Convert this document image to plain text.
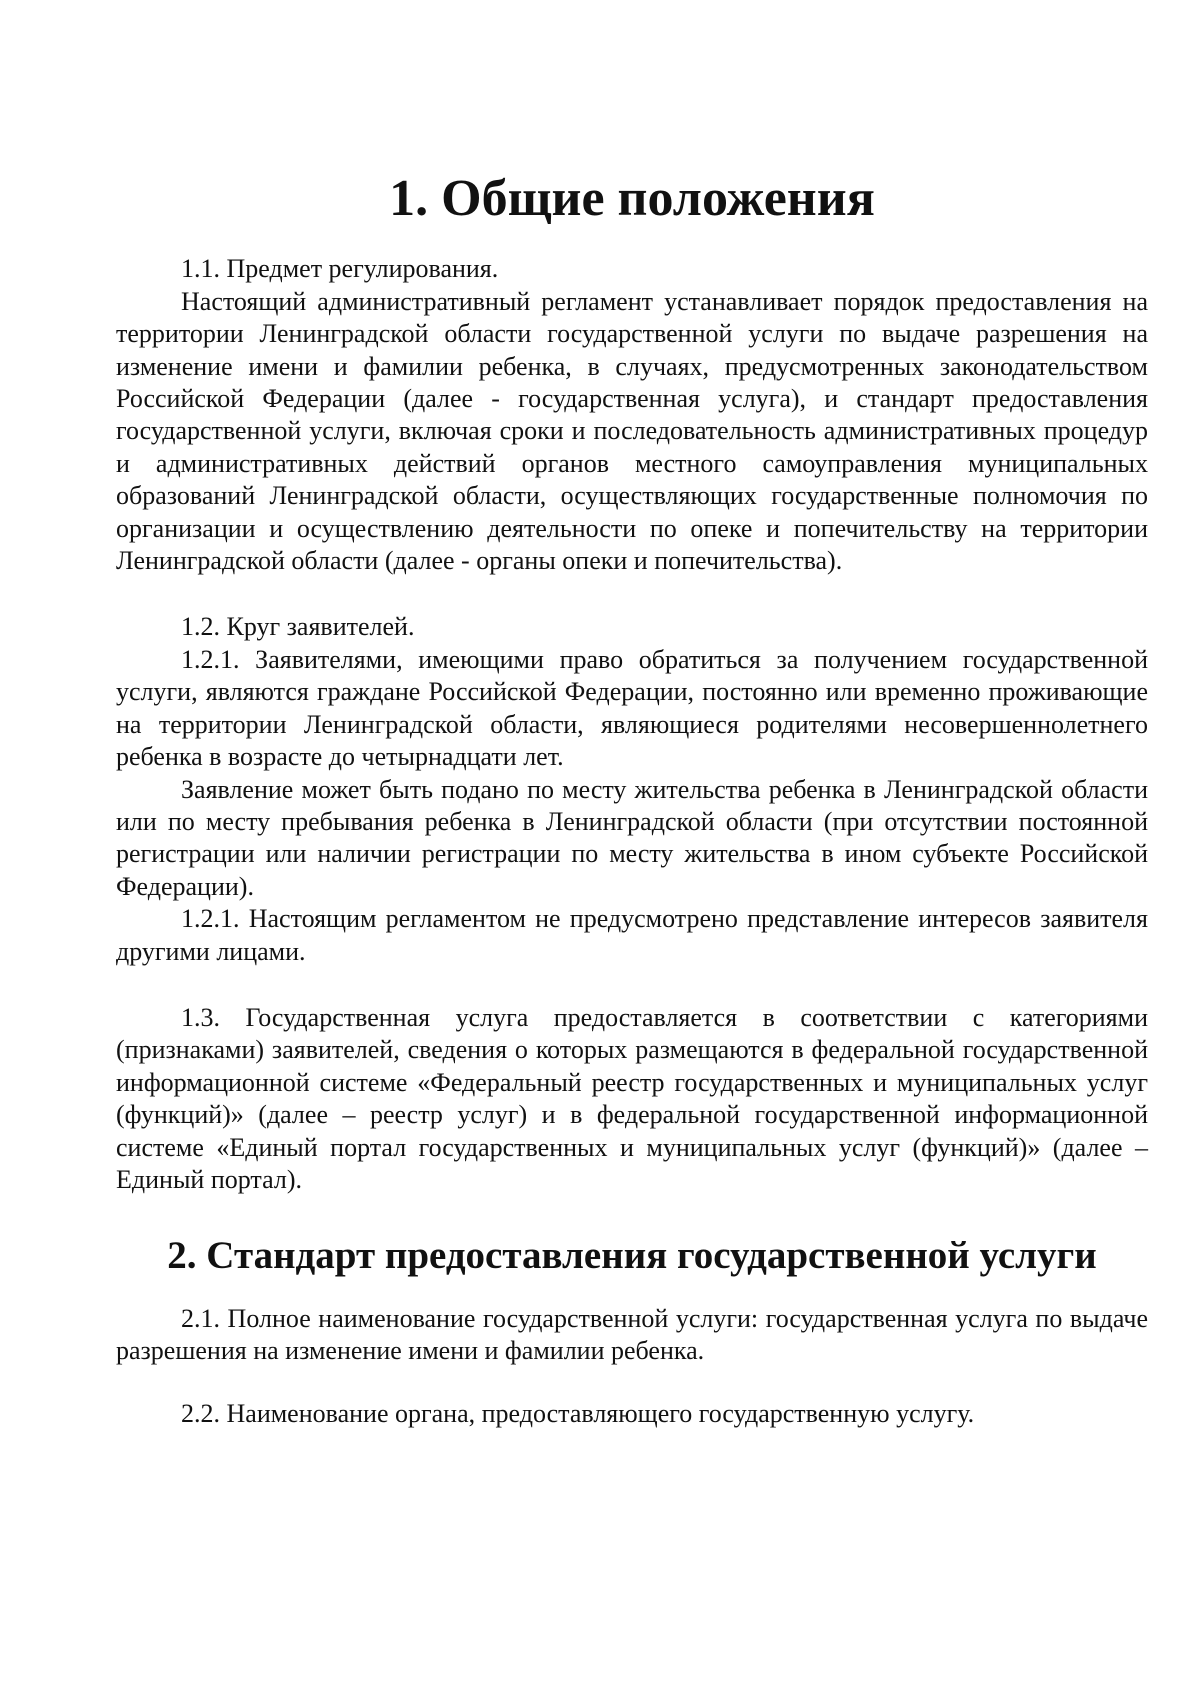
1. Общие положения

1.1. Предмет регулирования.

Настоящий административный регламент устанавливает порядок предоставления на территории Ленинградской области государственной услуги по выдаче разрешения на изменение имени и фамилии ребенка, в случаях, предусмотренных законодательством Российской Федерации (далее - государственная услуга), и стандарт предоставления государственной услуги, включая сроки и последовательность административных процедур и административных действий органов местного самоуправления муниципальных образований Ленинградской области, осуществляющих государственные полномочия по организации и осуществлению деятельности по опеке и попечительству на территории Ленинградской области (далее - органы опеки и попечительства).

1.2. Круг заявителей.

1.2.1. Заявителями, имеющими право обратиться за получением государственной услуги, являются граждане Российской Федерации, постоянно или временно проживающие на территории Ленинградской области, являющиеся родителями несовершеннолетнего ребенка в возрасте до четырнадцати лет.

Заявление может быть подано по месту жительства ребенка в Ленинградской области или по месту пребывания ребенка в Ленинградской области (при отсутствии постоянной регистрации или наличии регистрации по месту жительства в ином субъекте Российской Федерации).

1.2.1. Настоящим регламентом не предусмотрено представление интересов заявителя другими лицами.

1.3. Государственная услуга предоставляется в соответствии с категориями (признаками) заявителей, сведения о которых размещаются в федеральной государственной информационной системе «Федеральный реестр государственных и муниципальных услуг (функций)» (далее – реестр услуг) и в федеральной государственной информационной системе «Единый портал государственных и муниципальных услуг (функций)» (далее – Единый портал).

2. Стандарт предоставления государственной услуги

2.1. Полное наименование государственной услуги: государственная услуга по выдаче разрешения на изменение имени и фамилии ребенка.

2.2. Наименование органа, предоставляющего государственную услугу.
